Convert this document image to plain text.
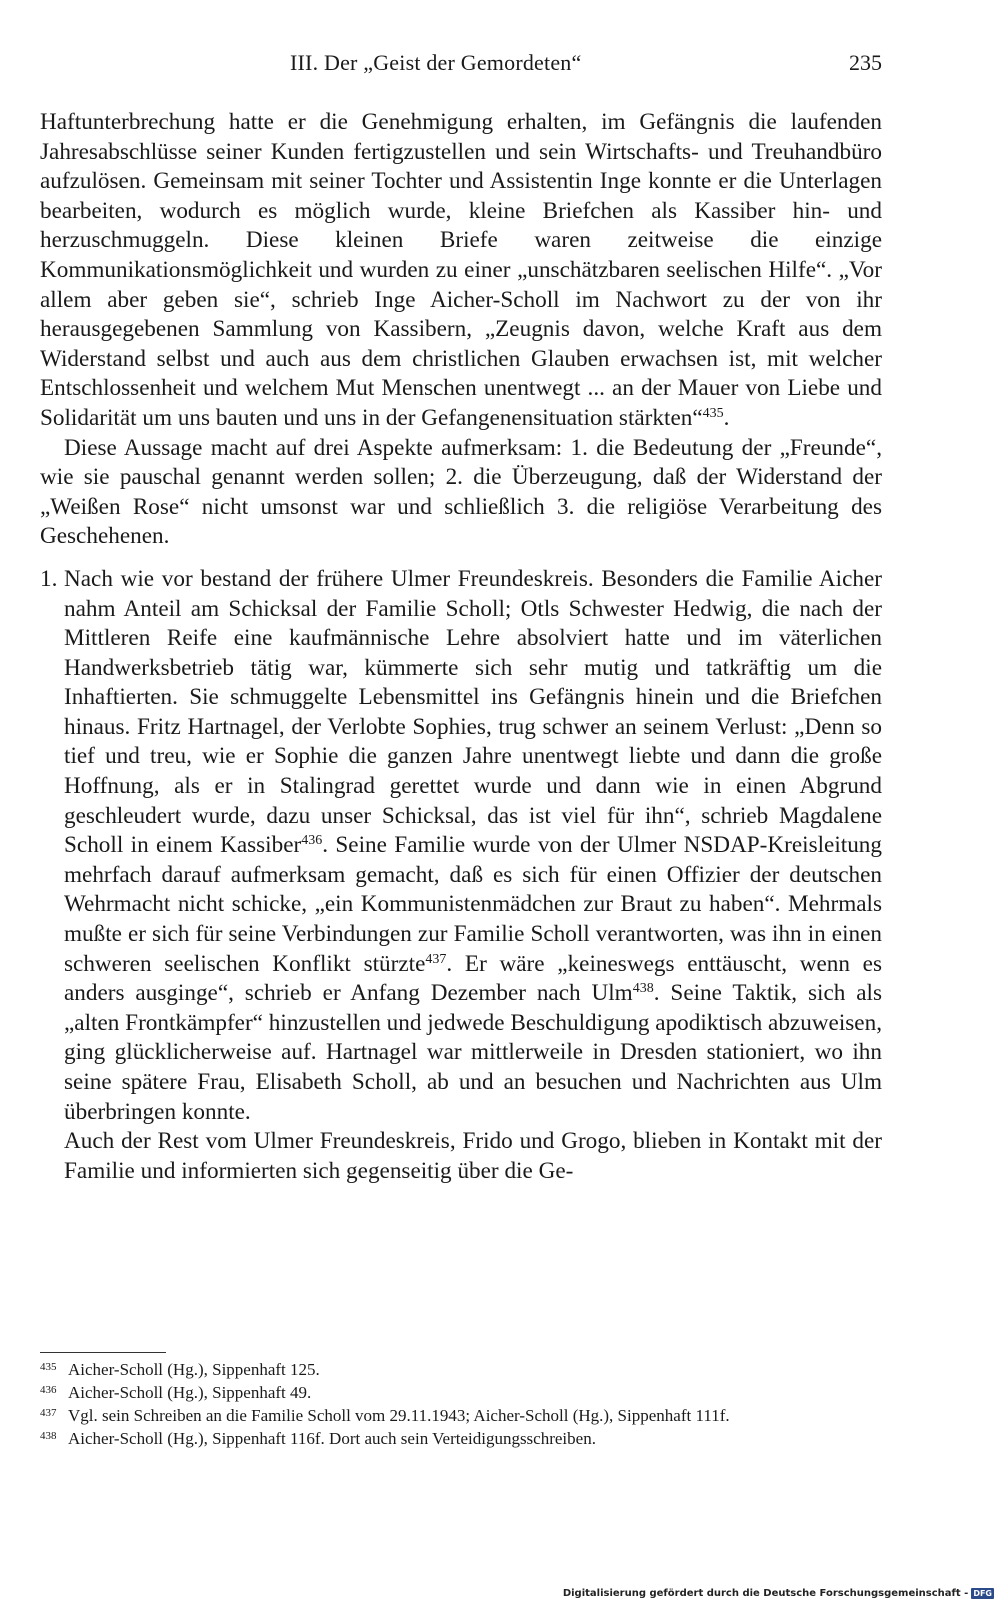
III. Der „Geist der Gemordeten“	235

Haftunterbrechung hatte er die Genehmigung erhalten, im Gefängnis die laufenden Jahresabschlüsse seiner Kunden fertigzustellen und sein Wirtschafts- und Treuhandbüro aufzulösen. Gemeinsam mit seiner Tochter und Assistentin Inge konnte er die Unterlagen bearbeiten, wodurch es möglich wurde, kleine Briefchen als Kassiber hin- und herzuschmuggeln. Diese kleinen Briefe waren zeitweise die einzige Kommunikationsmöglichkeit und wurden zu einer „unschätzbaren seelischen Hilfe“. „Vor allem aber geben sie“, schrieb Inge Aicher-Scholl im Nachwort zu der von ihr herausgegebenen Sammlung von Kassibern, „Zeugnis davon, welche Kraft aus dem Widerstand selbst und auch aus dem christlichen Glauben erwachsen ist, mit welcher Entschlossenheit und welchem Mut Menschen unentwegt ... an der Mauer von Liebe und Solidarität um uns bauten und uns in der Gefangenensituation stärkten“$^{435}$.

Diese Aussage macht auf drei Aspekte aufmerksam: 1. die Bedeutung der „Freunde“, wie sie pauschal genannt werden sollen; 2. die Überzeugung, daß der Widerstand der „Weißen Rose“ nicht umsonst war und schließlich 3. die religiöse Verarbeitung des Geschehenen.

1. Nach wie vor bestand der frühere Ulmer Freundeskreis. Besonders die Familie Aicher nahm Anteil am Schicksal der Familie Scholl; Otls Schwester Hedwig, die nach der Mittleren Reife eine kaufmännische Lehre absolviert hatte und im väterlichen Handwerksbetrieb tätig war, kümmerte sich sehr mutig und tatkräftig um die Inhaftierten. Sie schmuggelte Lebensmittel ins Gefängnis hinein und die Briefchen hinaus. Fritz Hartnagel, der Verlobte Sophies, trug schwer an seinem Verlust: „Denn so tief und treu, wie er Sophie die ganzen Jahre unentwegt liebte und dann die große Hoffnung, als er in Stalingrad gerettet wurde und dann wie in einen Abgrund geschleudert wurde, dazu unser Schicksal, das ist viel für ihn“, schrieb Magdalene Scholl in einem Kassiber$^{436}$. Seine Familie wurde von der Ulmer NSDAP-Kreisleitung mehrfach darauf aufmerksam gemacht, daß es sich für einen Offizier der deutschen Wehrmacht nicht schicke, „ein Kommunistenmädchen zur Braut zu haben“. Mehrmals mußte er sich für seine Verbindungen zur Familie Scholl verantworten, was ihn in einen schweren seelischen Konflikt stürzte$^{437}$. Er wäre „keineswegs enttäuscht, wenn es anders ausginge“, schrieb er Anfang Dezember nach Ulm$^{438}$. Seine Taktik, sich als „alten Frontkämpfer“ hinzustellen und jedwede Beschuldigung apodiktisch abzuweisen, ging glücklicherweise auf. Hartnagel war mittlerweile in Dresden stationiert, wo ihn seine spätere Frau, Elisabeth Scholl, ab und an besuchen und Nachrichten aus Ulm überbringen konnte.

Auch der Rest vom Ulmer Freundeskreis, Frido und Grogo, blieben in Kontakt mit der Familie und informierten sich gegenseitig über die Ge-

435 Aicher-Scholl (Hg.), Sippenhaft 125.
436 Aicher-Scholl (Hg.), Sippenhaft 49.
437 Vgl. sein Schreiben an die Familie Scholl vom 29.11.1943; Aicher-Scholl (Hg.), Sippenhaft 111f.
438 Aicher-Scholl (Hg.), Sippenhaft 116f. Dort auch sein Verteidigungsschreiben.
Digitalisierung gefördert durch die Deutsche Forschungsgemeinschaft - DFG
